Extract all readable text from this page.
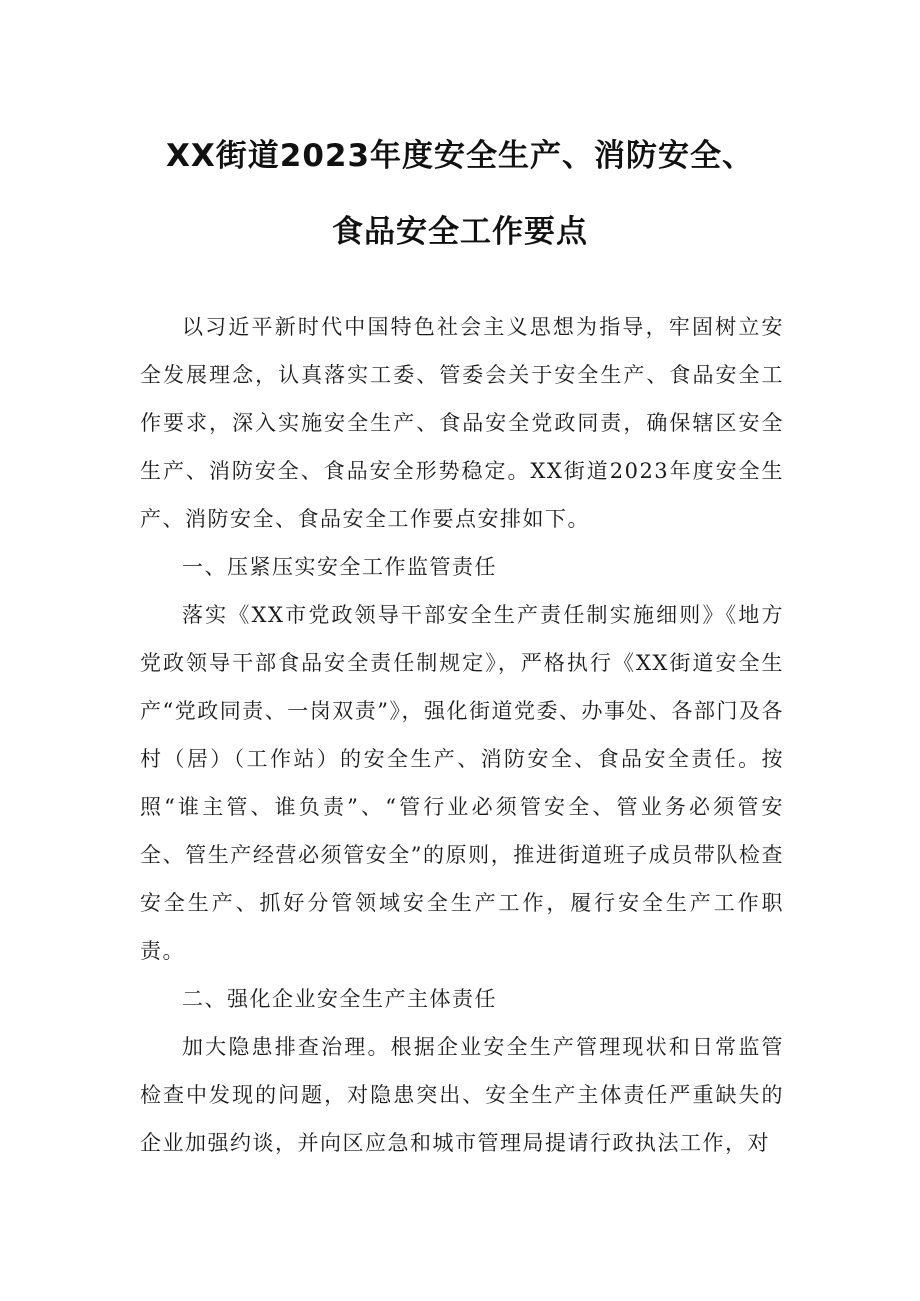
XX街道2023年度安全生产、消防安全、
食品安全工作要点

以习近平新时代中国特色社会主义思想为指导，牢固树立安全发展理念，认真落实工委、管委会关于安全生产、食品安全工作要求，深入实施安全生产、食品安全党政同责，确保辖区安全生产、消防安全、食品安全形势稳定。XX街道2023年度安全生产、消防安全、食品安全工作要点安排如下。

一、压紧压实安全工作监管责任

落实《XX市党政领导干部安全生产责任制实施细则》《地方党政领导干部食品安全责任制规定》，严格执行《XX街道安全生产“党政同责、一岗双责”》，强化街道党委、办事处、各部门及各村（居）（工作站）的安全生产、消防安全、食品安全责任。按照“谁主管、谁负责”、“管行业必须管安全、管业务必须管安全、管生产经营必须管安全”的原则，推进街道班子成员带队检查安全生产、抓好分管领域安全生产工作，履行安全生产工作职责。

二、强化企业安全生产主体责任

加大隐患排查治理。根据企业安全生产管理现状和日常监管检查中发现的问题，对隐患突出、安全生产主体责任严重缺失的企业加强约谈，并向区应急和城市管理局提请行政执法工作，对
